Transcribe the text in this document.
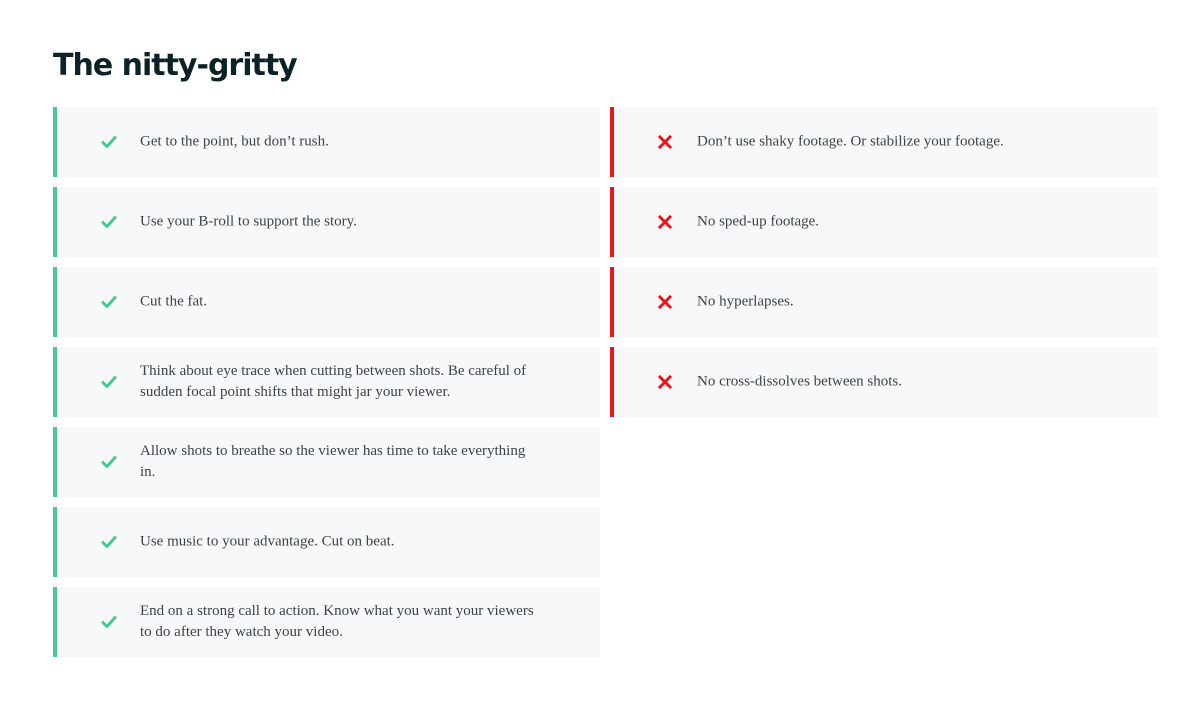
The nitty-gritty
Get to the point, but don’t rush.
Use your B-roll to support the story.
Cut the fat.
Think about eye trace when cutting between shots. Be careful of sudden focal point shifts that might jar your viewer.
Allow shots to breathe so the viewer has time to take everything in.
Use music to your advantage. Cut on beat.
End on a strong call to action. Know what you want your viewers to do after they watch your video.
Don’t use shaky footage. Or stabilize your footage.
No sped-up footage.
No hyperlapses.
No cross-dissolves between shots.
